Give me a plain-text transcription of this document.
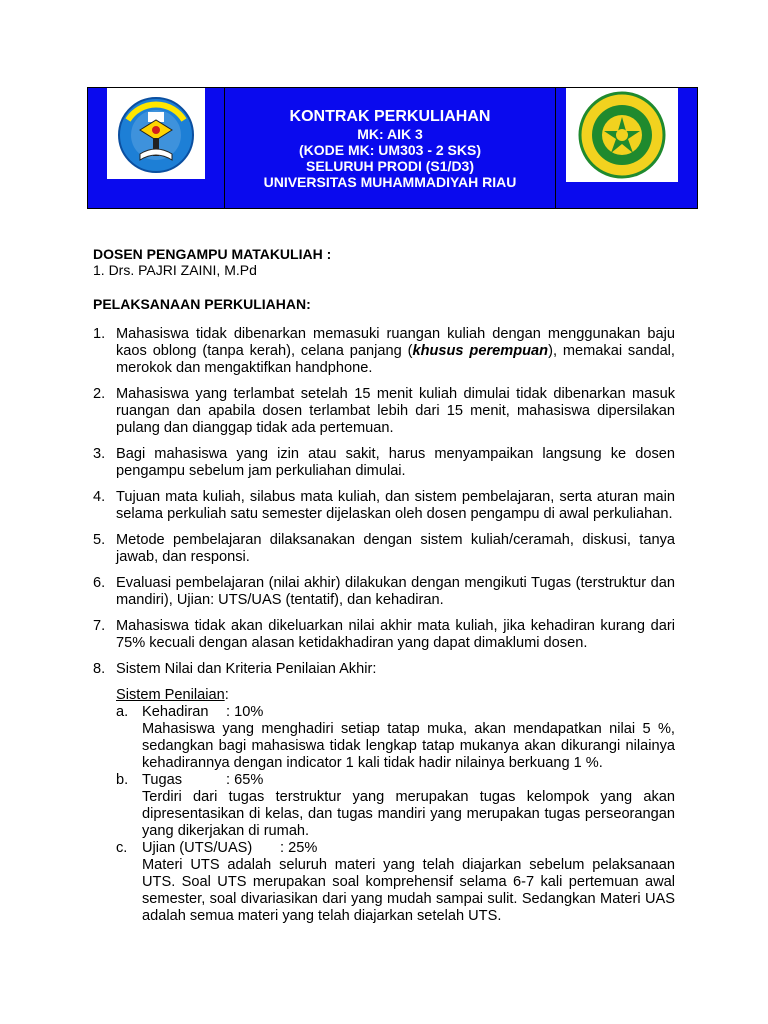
KONTRAK PERKULIAHAN
MK: AIK 3
(KODE MK: UM303 - 2 SKS)
SELURUH PRODI (S1/D3)
UNIVERSITAS MUHAMMADIYAH RIAU
DOSEN PENGAMPU MATAKULIAH :
1. Drs. PAJRI ZAINI, M.Pd
PELAKSANAAN PERKULIAHAN:
1. Mahasiswa tidak dibenarkan memasuki ruangan kuliah dengan menggunakan baju kaos oblong (tanpa kerah), celana panjang (khusus perempuan), memakai sandal, merokok dan mengaktifkan handphone.
2. Mahasiswa yang terlambat setelah 15 menit kuliah dimulai tidak dibenarkan masuk ruangan dan apabila dosen terlambat lebih dari 15 menit, mahasiswa dipersilakan pulang dan dianggap tidak ada pertemuan.
3. Bagi mahasiswa yang izin atau sakit, harus menyampaikan langsung ke dosen pengampu sebelum jam perkuliahan dimulai.
4. Tujuan mata kuliah, silabus mata kuliah, dan sistem pembelajaran, serta aturan main selama perkuliah satu semester dijelaskan oleh dosen pengampu di awal perkuliahan.
5. Metode pembelajaran dilaksanakan dengan sistem kuliah/ceramah, diskusi, tanya jawab, dan responsi.
6. Evaluasi pembelajaran (nilai akhir) dilakukan dengan mengikuti Tugas (terstruktur dan mandiri), Ujian: UTS/UAS (tentatif), dan kehadiran.
7. Mahasiswa tidak akan dikeluarkan nilai akhir mata kuliah, jika kehadiran kurang dari 75% kecuali dengan alasan ketidakhadiran yang dapat dimaklumi dosen.
8. Sistem Nilai dan Kriteria Penilaian Akhir:
Sistem Penilaian:
a. Kehadiran : 10%
Mahasiswa yang menghadiri setiap tatap muka, akan mendapatkan nilai 5 %, sedangkan bagi mahasiswa tidak lengkap tatap mukanya akan dikurangi nilainya kehadirannya dengan indicator 1 kali tidak hadir nilainya berkuang 1 %.
b. Tugas	: 65%
Terdiri dari tugas terstruktur yang merupakan tugas kelompok yang akan dipresentasikan di kelas, dan tugas mandiri yang merupakan tugas perseorangan yang dikerjakan di rumah.
c.	Ujian (UTS/UAS) : 25%
Materi UTS adalah seluruh materi yang telah diajarkan sebelum pelaksanaan UTS. Soal UTS merupakan soal komprehensif selama 6-7 kali pertemuan awal semester, soal divariasikan dari yang mudah sampai sulit. Sedangkan Materi UAS adalah semua materi yang telah diajarkan setelah UTS.
